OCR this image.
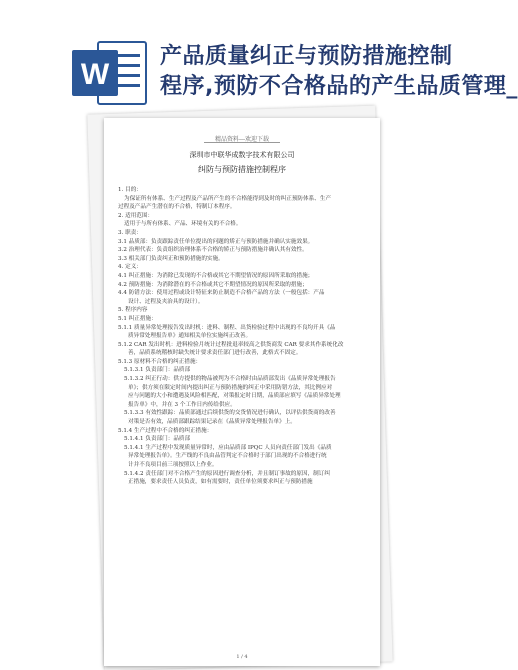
W
产品质量纠正与预防措施控制
程序,预防不合格品的产生品质管理_
精品资料---欢迎下载
深圳市中联华成数字技术有限公司
纠防与预防措施控制程序

1. 目的：

为保证所有体系、生产过程及产品所产生的不合格能得到及时的纠正预防体系、生产

过程及产品产生潜在的不合格，特制订本程序。

2. 适用范围：

适用于与所有体系、产品、环境有关的不合格。

3. 职责：

3.1 品质部：负责跟踪责任单位提出的问题的矫正与预防措施并确认实施效果。

3.2 治理代表：负责组织治理体系不合格的矫正与预防措施并确认其有效性。

3.3 相关部门负责纠正和预防措施的实施。

4. 定义：

4.1 纠正措施：为消除已发现的不合格或其它不期望情况的原因所采取的措施；

4.2 预防措施：为消除潜在的不合格或其它不期望情况的原因所采取的措施；

4.4 防错方法：使用过程或设计特征来防止制造不合格产品的方法（一般包括：产品

设计、过程及夹治具的设计）。

5. 程序内容

5.1 纠正措施：

5.1.1 质量异常处理报告发出时机：进料、制程、出货检验过程中出现的不良均开具《品

质异常处理报告单》通知相关单位实施纠正改善。

5.1.2 CAR 发出时机：进料检验月统计过程批退率较高之供货商发 CAR 要求其作系统化改

善，品质系统稽核时缺失统计要求责任部门进行改善，此格式不固定。

5.1.3 原材料不合格的纠正措施：

5.1.3.1 负责部门：品质部

5.1.3.2 纠正行动：供方提供的物品被判为不合格时由品质部发出《品质异常处理报告

单》；供方须在限定时间内提出纠正与预防措施的纠正中采用防错方法，其比例应对

应与问题的大小和遭遇及风险相匹配，对策报定时日期，品质部应填写《品质异常处理

报告单》中，并在 3 个工作日内传给供应。

5.1.3.3 有效性跟踪：品质部通过后续供货的交货情况进行确认，以评估供货商的改善

对策是否有效，品质部跟踪结果记录在《品质异常处理报告单》上。

5.1.4 生产过程中不合格的纠正措施：

5.1.4.1 负责部门：品质部

5.1.4.1 生产过程中发现质量异常时，应由品质部 IPQC 人员向责任部门发出《品质

异常处理报告单》。生产线的不良由品管判定不合格时于部门出现的不合格进行统

计并不良项目前三项按照以上作业。

5.1.4.2 责任部门对不合格产生的原因进行调查分析，并且制订事故的原因，制订纠

正措施，要求责任人员负责，如有需要时，责任单位须要求纠正与预防措施

1 / 4
